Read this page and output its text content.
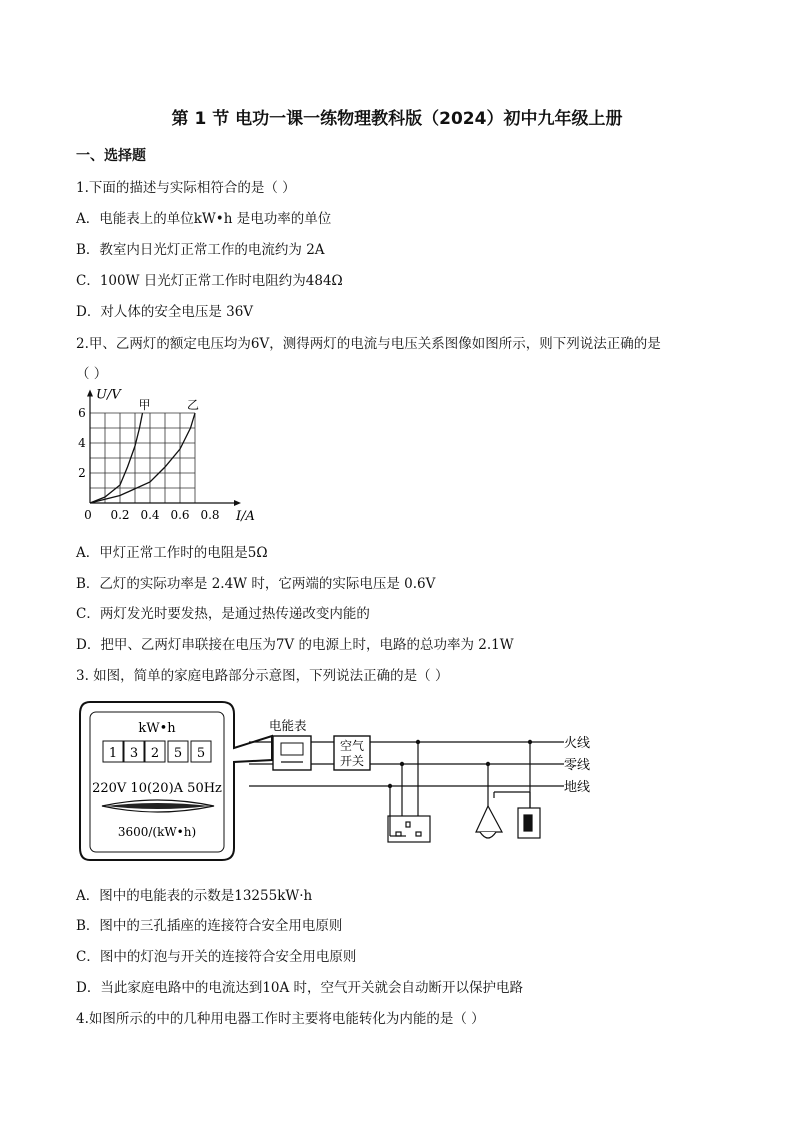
第 1 节 电功一课一练物理教科版（2024）初中九年级上册
一、选择题
1.下面的描述与实际相符合的是（ ）
A．电能表上的单位kW•h 是电功率的单位
B．教室内日光灯正常工作的电流约为 2A
C．100W 日光灯正常工作时电阻约为484Ω
D．对人体的安全电压是 36V
2.甲、乙两灯的额定电压均为6V，测得两灯的电流与电压关系图像如图所示，则下列说法正确的是
（ ）
甲	乙
0 0.2 0.4 0.6 0.8
2
4
6
I/A
U/V
A．甲灯正常工作时的电阻是5Ω
B．乙灯的实际功率是 2.4W 时，它两端的实际电压是 0.6V
C．两灯发光时要发热，是通过热传递改变内能的
D．把甲、乙两灯串联接在电压为7V 的电源上时，电路的总功率为 2.1W
3. 如图，简单的家庭电路部分示意图，下列说法正确的是（ ）
kW•h
1 3 2 5 5
220V 10(20)A 50Hz
3600/(kW•h)
电能表
空气
开关
火线
零线
地线
A．图中的电能表的示数是13255kW·h
B．图中的三孔插座的连接符合安全用电原则
C．图中的灯泡与开关的连接符合安全用电原则
D．当此家庭电路中的电流达到10A 时，空气开关就会自动断开以保护电路
4.如图所示的中的几种用电器工作时主要将电能转化为内能的是（ ）
